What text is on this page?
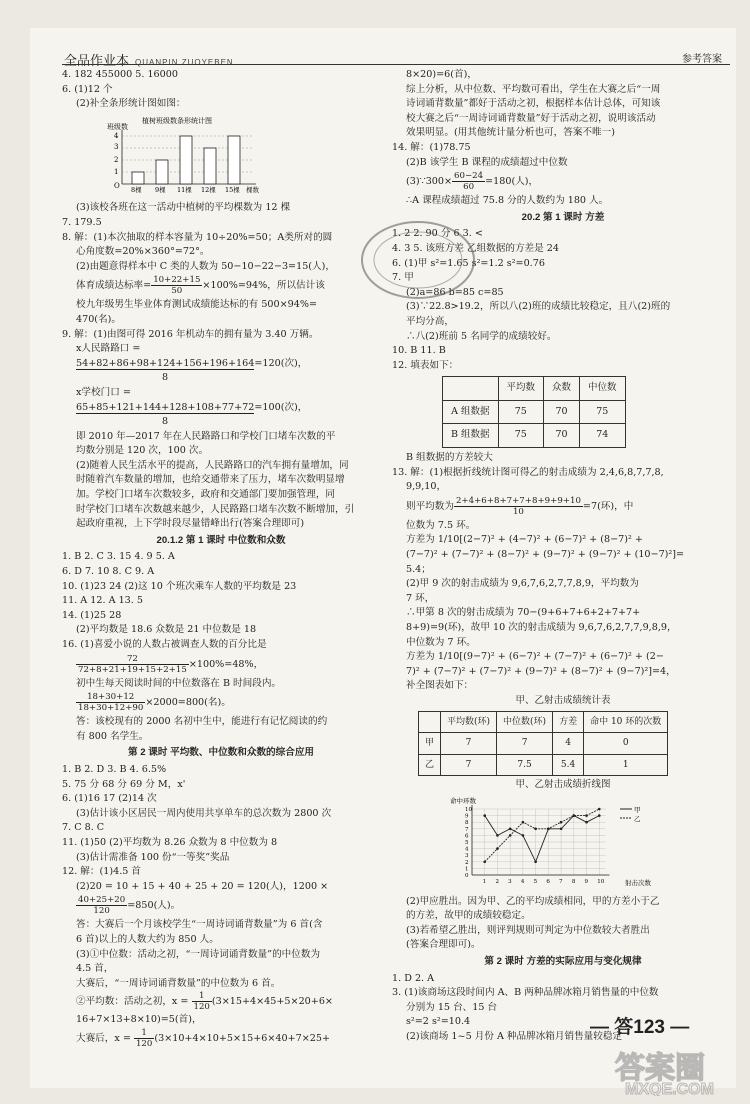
全品作业本 QUANPIN ZUOYEBEN	参考答案

4. 182 455000 5. 16000

6. (1)12 个

(2)补全条形统计图如图：

植树班级数条形统计图
班级数
4
3
2
1
O 8棵 9棵 11棵 12棵 15棵 棵数

(3)该校各班在这一活动中植树的平均棵数为 12 棵

7. 179.5

8. 解：(1)本次抽取的样本容量为 10÷20%=50；A类所对的圆

心角度数=20%×360°=72°。

(2)由题意得样本中 C 类的人数为 50−10−22−3=15(人)，

体育成绩达标率= $\frac{10+22+15}{50} \times 100\%=94\%$，所以估计该

校九年级男生毕业体育测试成绩能达标的有 500×94%=

470(名)。

9. 解：(1)由图可得 2016 年机动车的拥有量为 3.40 万辆。

x人民路路口 =

54+82+86+98+124+156+196+164=120(次)，

8

x学校门口 =

65+85+121+144+128+108+77+72=100(次)，

8

即 2010 年—2017 年在人民路路口和学校门口堵车次数的平

均数分别是 120 次，100 次。

(2)随着人民生活水平的提高，人民路路口的汽车拥有量增加，同

时随着汽车数量的增加，也给交通带来了压力，堵车次数明显增

加。学校门口堵车次数较多，政府和交通部门要加强管理，同

时学校门口堵车次数越来越少，人民路路口堵车次数不断增加，引

起政府重视，上下学时段尽量错峰出行(答案合理即可)

20.1.2 第 1 课时 中位数和众数

1. B 2. C 3. 15 4. 9 5. A

6. D 7. 10 8. C 9. A

10. (1)23 24 (2)这 10 个班次乘车人数的平均数是 23

11. A 12. A 13. 5

14. (1)25 28

(2)平均数是 18.6 众数是 21 中位数是 18

16. (1)喜爱小说的人数占被调查人数的百分比是

$\frac{72}{72+8+21+19+15+2+15} \times 100\%=48\%$，

初中生每天阅读时间的中位数落在 B 时间段内。

$\frac{18+30+12}{18+30+12+90} \times 2000=800$(名)。

答：该校现有的 2000 名初中生中，能进行有记忆阅读的约

有 800 名学生。

第 2 课时 平均数、中位数和众数的综合应用

1. B 2. D 3. B 4. 6.5%

5. 75 分 68 分 69 分 M，x'

6. (1)16 17 (2)14 次

(3)估计该小区居民一周内使用共享单车的总次数为 2800 次

7. C 8. C

11. (1)50 (2)平均数为 8.26 众数为 8 中位数为 8

(3)估计需准备 100 份“一等奖”奖品

12. 解：(1)4.5 首

(2)20 = 10 + 15 + 40 + 25 + 20 = 120(人)，1200 ×

$\frac{40+25+20}{120} =850$(人)。

答：大赛后一个月该校学生“一周诗词诵背数量”为 6 首(含

6 首)以上的人数大约为 850 人。

(3)①中位数：活动之初，“一周诗词诵背数量”的中位数为

4.5 首，

大赛后，“一周诗词诵背数量”的中位数为 6 首。

②平均数：活动之初，$x = \frac{1}{120} (3\times 15+4\times 45+5\times 20+6\times$

16+7×13+8×10)=5(首)，

大赛后，$x = \frac{1}{120} (3\times 10+4\times 10+5\times 15+6\times 40+7\times 25+$

8×20)=6(首)，

综上分析，从中位数、平均数可看出，学生在大赛之后“一周

诗词诵背数量”都好于活动之初，根据样本估计总体，可知该

校大赛之后“一周诗词诵背数量”好于活动之初，说明该活动

效果明显。(用其他统计量分析也可，答案不唯一)

14. 解：(1)78.75

(2)B 该学生 B 课程的成绩超过中位数

(3)∵300× $\frac{60-24}{60} =180$(人)，

∴A 课程成绩超过 75.8 分的人数约为 180 人。

20.2 第 1 课时 方差

1. 2 2. 90 分 6 3. <

4. 3 5. 该班方差 乙组数据的方差是 24

6. (1)甲 s²=1.65 s²=1.2 s²=0.76

7. 甲

(2)a=86 b=85 c=85

(3)∵22.8>19.2，所以八(2)班的成绩比较稳定，且八(2)班的

平均分高，

∴八(2)班前 5 名同学的成绩较好。

10. B 11. B

12. 填表如下：

	平均数	众数	中位数
A 组数据	75	70	75
B 组数据	75	70	74

B 组数据的方差较大

13. 解：(1)根据折线统计图可得乙的射击成绩为 2,4,6,8,7,7,8,

9,9,10，

则平均数为 $\frac{2+4+6+8+7+7+8+9+9+10}{10} =7$(环)，中

位数为 7.5 环。

方差为 1/10[(2−7)² + (4−7)² + (6−7)² + (8−7)² +

(7−7)² + (7−7)² + (8−7)² + (9−7)² + (9−7)² + (10−7)²]=

5.4；

(2)甲 9 次的射击成绩为 9,6,7,6,2,7,7,8,9，平均数为

7 环，

∴甲第 8 次的射击成绩为 70−(9+6+7+6+2+7+7+

8+9)=9(环)，故甲 10 次的射击成绩为 9,6,7,6,2,7,7,9,8,9，

中位数为 7 环。

方差为 1/10[(9−7)² + (6−7)² + (7−7)² + (6−7)² + (2−

7)² + (7−7)² + (7−7)² + (9−7)² + (8−7)² + (9−7)²]=4，

补全图表如下：

甲、乙射击成绩统计表

	平均数(环)	中位数(环)	方差	命中 10 环的次数
甲	7	7	4	0
乙	7	7.5	5.4	1

甲、乙射击成绩折线图

命中环数
射击次数
甲
乙
0
1
2
3
4
5
6
7
8
9
10
1 2 3 4 5 6 7 8 9 10

(2)甲应胜出。因为甲、乙的平均成绩相同，甲的方差小于乙

的方差，故甲的成绩较稳定。

(3)若希望乙胜出，则评判规则可判定为中位数较大者胜出

(答案合理即可)。

第 2 课时 方差的实际应用与变化规律

1. D 2. A

3. (1)该商场这段时间内 A、B 两种品牌冰箱月销售量的中位数

分别为 15 台、15 台

s²=2 s²=10.4

(2)该商场 1~5 月份 A 种品牌冰箱月销售量较稳定

— 答123 —
答案圈
MXQE.COM
